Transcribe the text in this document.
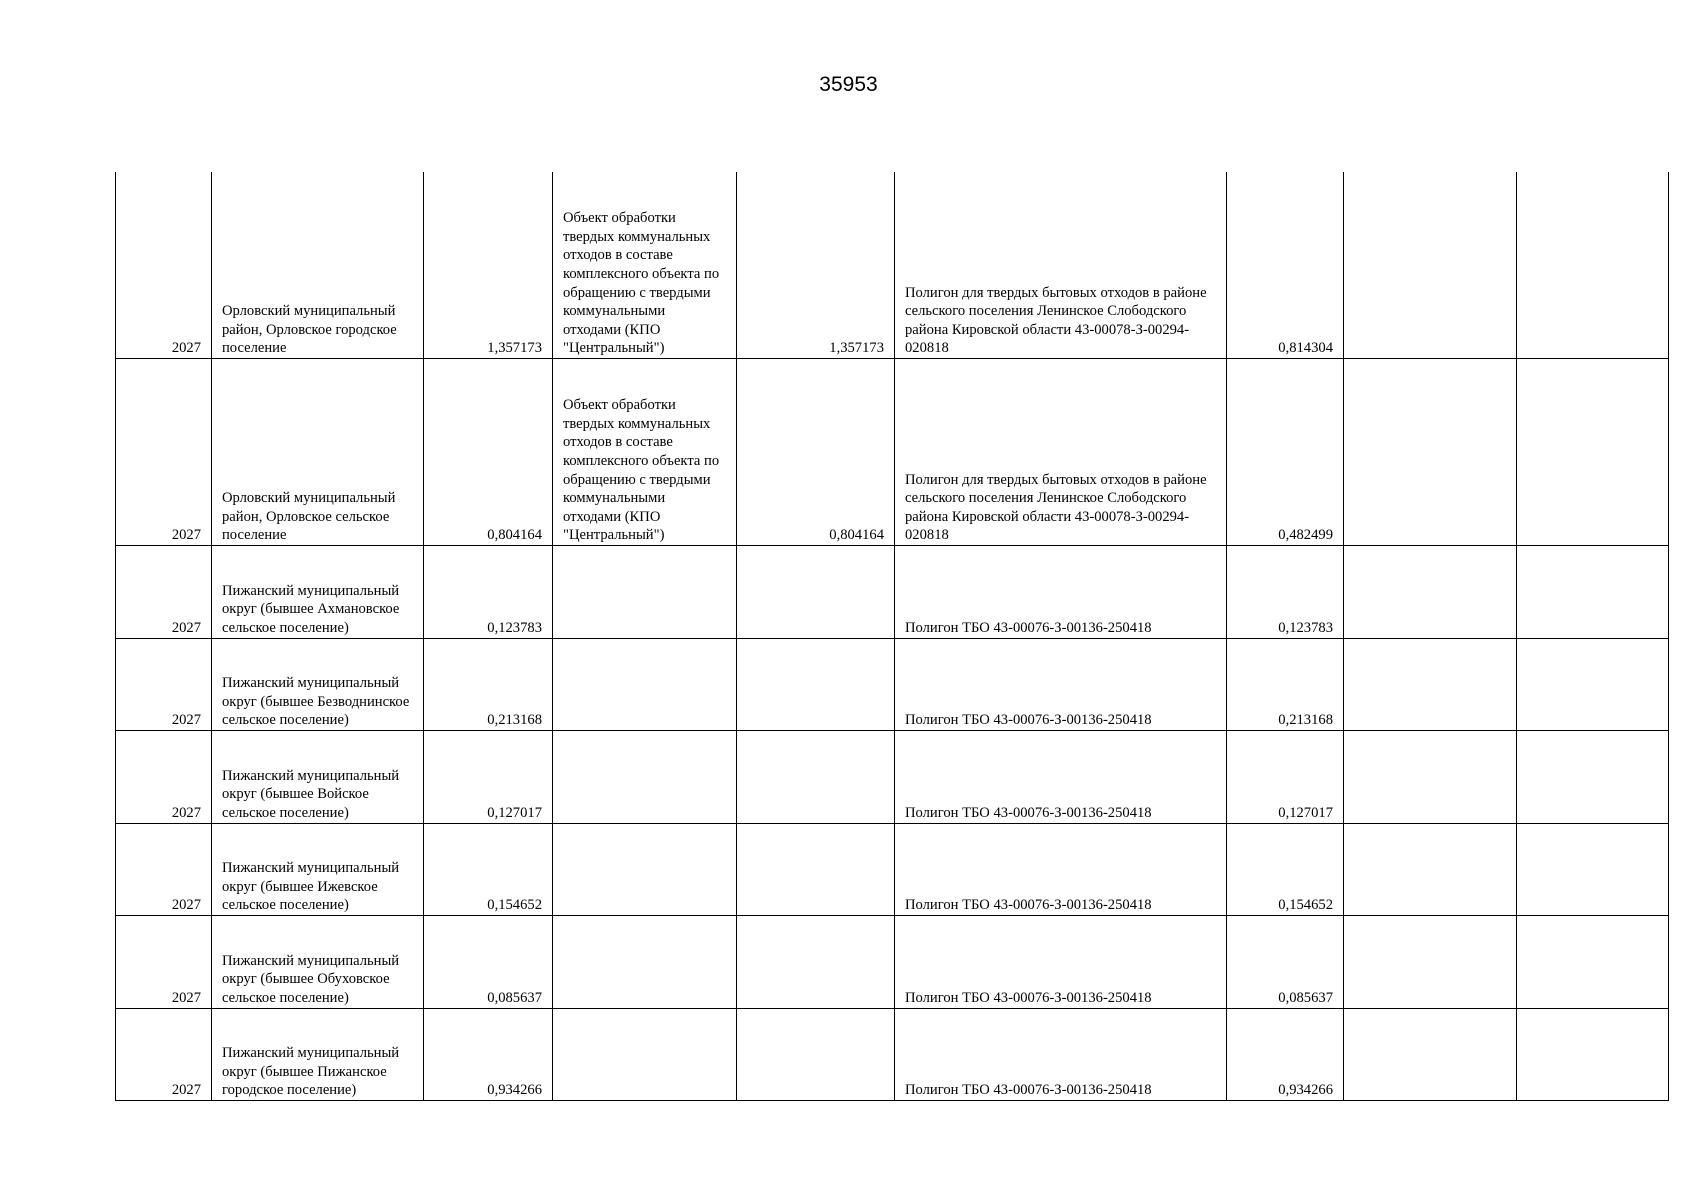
35953
2027	Орловский муниципальный район, Орловское городское поселение	1,357173	Объект обработки твердых коммунальных отходов в составе комплексного объекта по обращению с твердыми коммунальными отходами (КПО "Центральный")	1,357173	Полигон для твердых бытовых отходов в районе сельского поселения Ленинское Слободского района Кировской области 43-00078-З-00294-020818	0,814304		

2027	Орловский муниципальный район, Орловское сельское поселение	0,804164	Объект обработки твердых коммунальных отходов в составе комплексного объекта по обращению с твердыми коммунальными отходами (КПО "Центральный")	0,804164	Полигон для твердых бытовых отходов в районе сельского поселения Ленинское Слободского района Кировской области 43-00078-З-00294-020818	0,482499		

2027	Пижанский муниципальный округ (бывшее Ахмановское сельское поселение)	0,123783			Полигон ТБО 43-00076-З-00136-250418	0,123783		

2027	Пижанский муниципальный округ (бывшее Безводнинское сельское поселение)	0,213168			Полигон ТБО 43-00076-З-00136-250418	0,213168		

2027	Пижанский муниципальный округ (бывшее Войское сельское поселение)	0,127017			Полигон ТБО 43-00076-З-00136-250418	0,127017		

2027	Пижанский муниципальный округ (бывшее Ижевское сельское поселение)	0,154652			Полигон ТБО 43-00076-З-00136-250418	0,154652		

2027	Пижанский муниципальный округ (бывшее Обуховское сельское поселение)	0,085637			Полигон ТБО 43-00076-З-00136-250418	0,085637		

2027	Пижанский муниципальный округ (бывшее Пижанское городское поселение)	0,934266			Полигон ТБО 43-00076-З-00136-250418	0,934266		
